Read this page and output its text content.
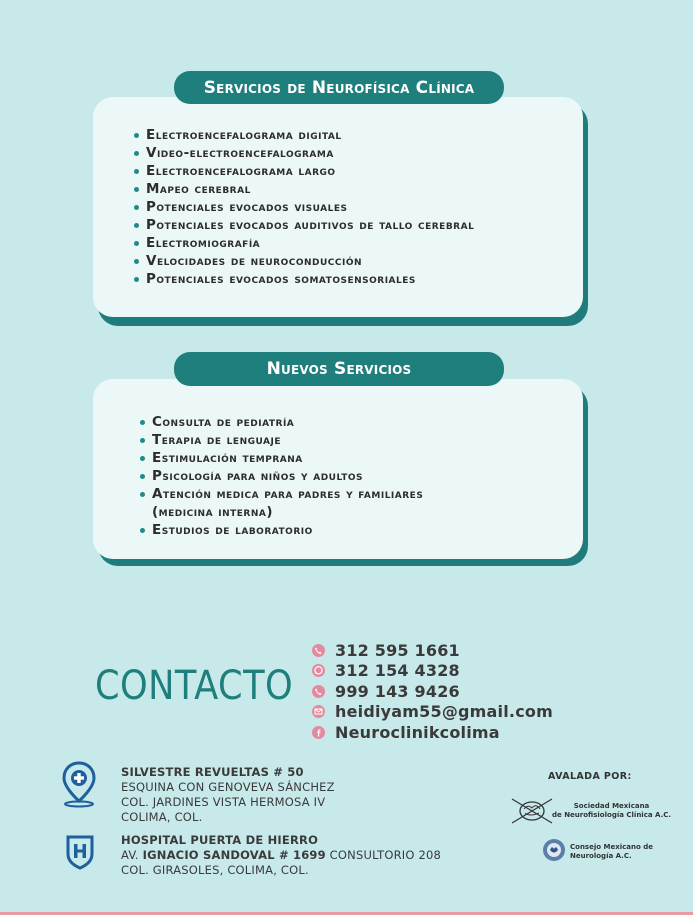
Servicios de Neurofísica Clínica
Electroencefalograma digital
Video-electroencefalograma
Electroencefalograma largo
Mapeo cerebral
Potenciales evocados visuales
Potenciales evocados auditivos de tallo cerebral
Electromiografía
Velocidades de neuroconducción
Potenciales evocados somatosensoriales
Nuevos Servicios
Consulta de pediatría
Terapia de lenguaje
Estimulación temprana
Psicología para niños y adultos
Atención medica para padres y familiares
(medicina interna)
Estudios de laboratorio
CONTACTO
312 595 1661
312 154 4328
999 143 9426
heidiyam55@gmail.com
Neuroclinikcolima
SILVESTRE REVUELTAS # 50
ESQUINA CON GENOVEVA SÁNCHEZ
COL. JARDINES VISTA HERMOSA IV
COLIMA, COL.
HOSPITAL PUERTA DE HIERRO
AV. IGNACIO SANDOVAL # 1699 CONSULTORIO 208
COL. GIRASOLES, COLIMA, COL.
AVALADA POR:
Sociedad Mexicana
de Neurofisiología Clínica A.C.
Consejo Mexicano de
Neurología A.C.
